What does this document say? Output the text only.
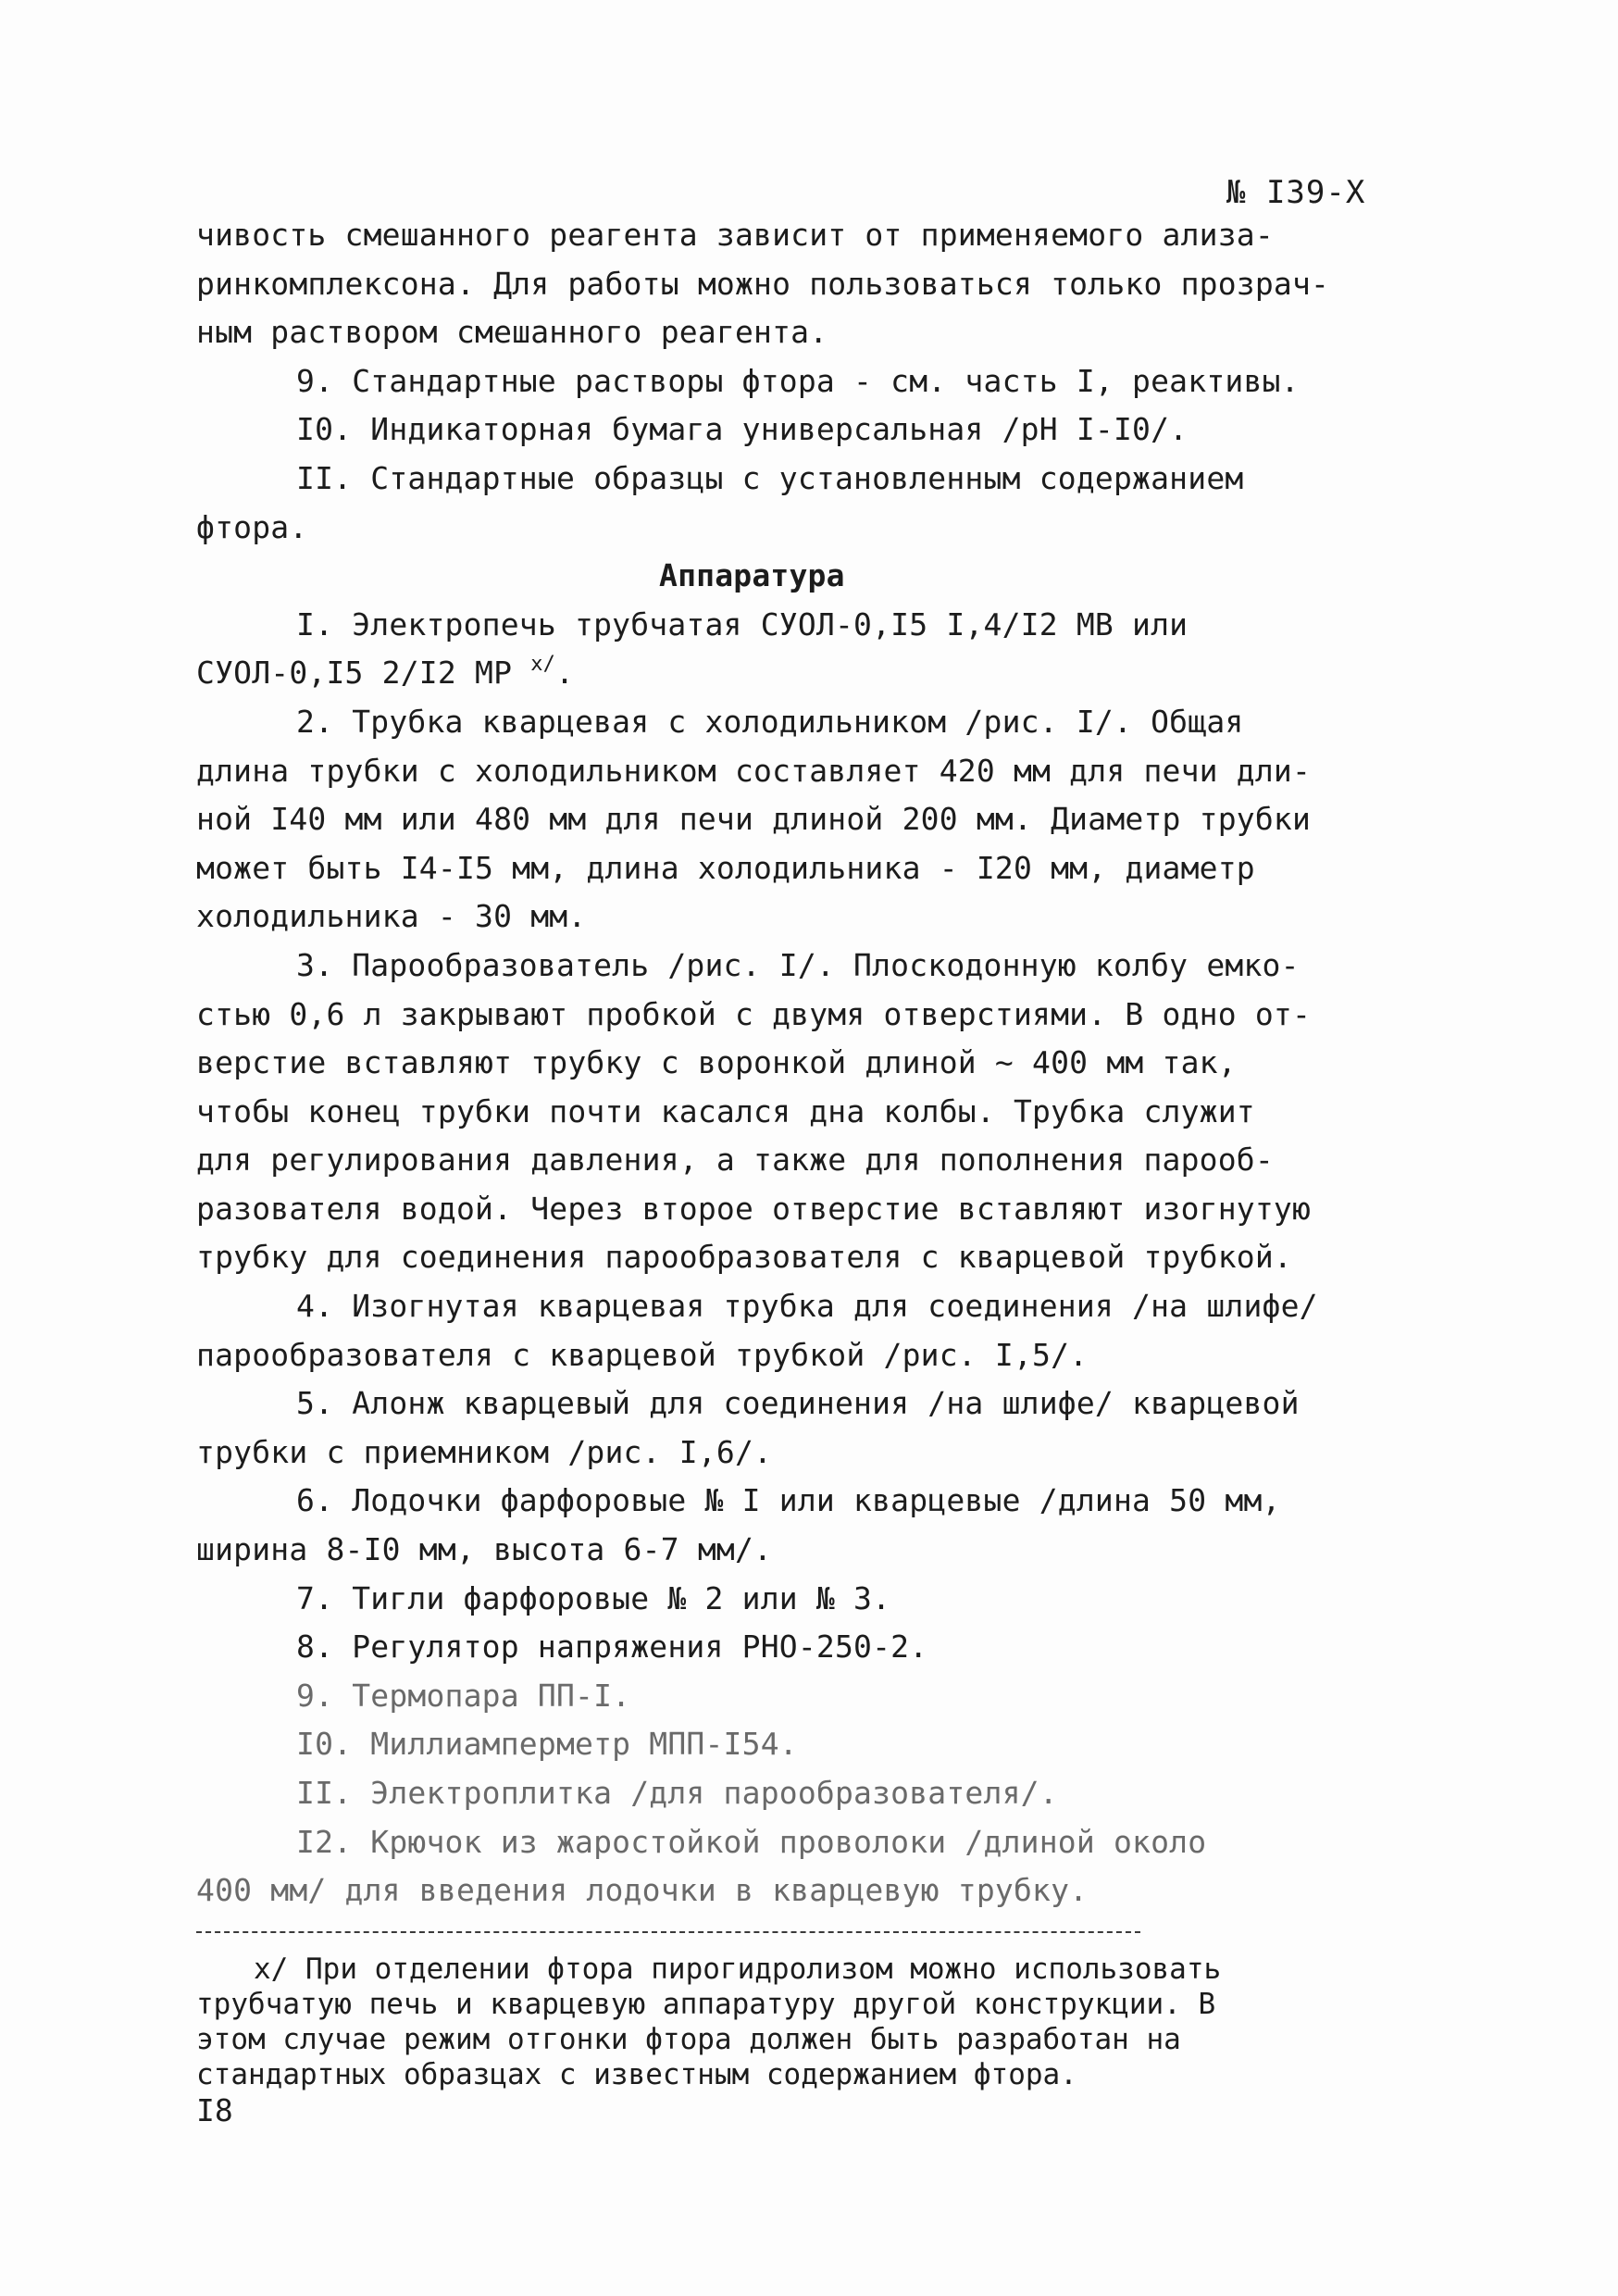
№ I39-Х

чивость смешанного реагента зависит от применяемого ализа-

ринкомплексона. Для работы можно пользоваться только прозрач-

ным раствором смешанного реагента.

9. Стандартные растворы фтора - см. часть I, реактивы.

I0. Индикаторная бумага универсальная /рН I-I0/.

II. Стандартные образцы с установленным содержанием

фтора.

Аппаратура

I. Электропечь трубчатая СУОЛ-0,I5 I,4/I2 МВ или

СУОЛ-0,I5 2/I2 МР $^{х/}$.

2. Трубка кварцевая с холодильником /рис. I/. Общая

длина трубки с холодильником составляет 420 мм для печи дли-

ной I40 мм или 480 мм для печи длиной 200 мм. Диаметр трубки

может быть I4-I5 мм, длина холодильника - I20 мм, диаметр

холодильника - 30 мм.

3. Парообразователь /рис. I/. Плоскодонную колбу емко-

стью 0,6 л закрывают пробкой с двумя отверстиями. В одно от-

верстие вставляют трубку с воронкой длиной ~ 400 мм так,

чтобы конец трубки почти касался дна колбы. Трубка служит

для регулирования давления, а также для пополнения парооб-

разователя водой. Через второе отверстие вставляют изогнутую

трубку для соединения парообразователя с кварцевой трубкой.

4. Изогнутая кварцевая трубка для соединения /на шлифе/

парообразователя с кварцевой трубкой /рис. I,5/.

5. Алонж кварцевый для соединения /на шлифе/ кварцевой

трубки с приемником /рис. I,6/.

6. Лодочки фарфоровые № I или кварцевые /длина 50 мм,

ширина 8-I0 мм, высота 6-7 мм/.

7. Тигли фарфоровые № 2 или № 3.

8. Регулятор напряжения РНО-250-2.

9. Термопара ПП-I.

I0. Миллиамперметр МПП-I54.

II. Электроплитка /для парообразователя/.

I2. Крючок из жаростойкой проволоки /длиной около

400 мм/ для введения лодочки в кварцевую трубку.

х/ При отделении фтора пирогидролизом можно использовать

трубчатую печь и кварцевую аппаратуру другой конструкции. В

этом случае режим отгонки фтора должен быть разработан на

стандартных образцах с известным содержанием фтора.

I8
